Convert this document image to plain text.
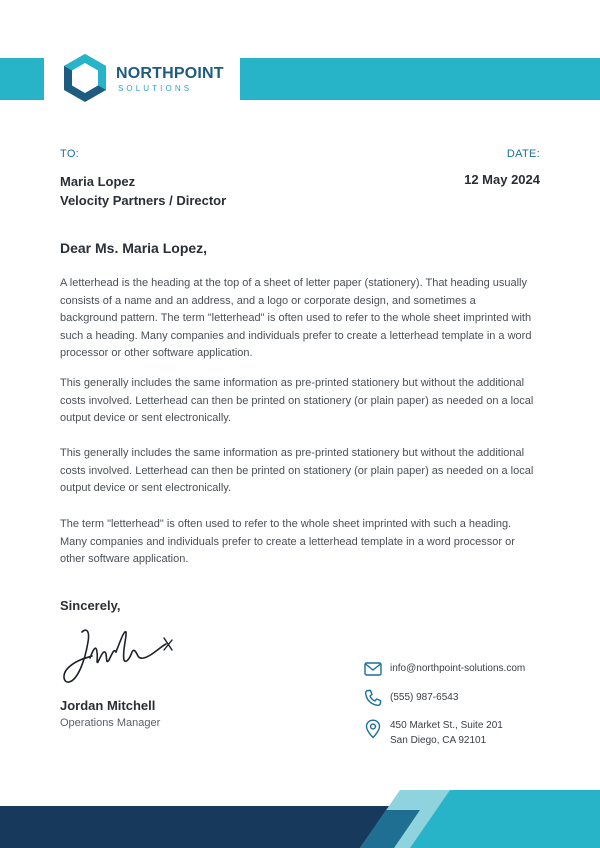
NORTHPOINT
SOLUTIONS
TO:	DATE:
Maria Lopez
Velocity Partners / Director
12 May 2024
Dear Ms. Maria Lopez,
A letterhead is the heading at the top of a sheet of letter paper (stationery). That heading usually consists of a name and an address, and a logo or corporate design, and sometimes a background pattern. The term "letterhead" is often used to refer to the whole sheet imprinted with such a heading. Many companies and individuals prefer to create a letterhead template in a word processor or other software application.
This generally includes the same information as pre-printed stationery but without the additional costs involved. Letterhead can then be printed on stationery (or plain paper) as needed on a local output device or sent electronically.
This generally includes the same information as pre-printed stationery but without the additional costs involved. Letterhead can then be printed on stationery (or plain paper) as needed on a local output device or sent electronically.
The term "letterhead" is often used to refer to the whole sheet imprinted with such a heading. Many companies and individuals prefer to create a letterhead template in a word processor or other software application.
Sincerely,
Jordan Mitchell
Operations Manager
info@northpoint-solutions.com
(555) 987-6543
450 Market St., Suite 201
San Diego, CA 92101
